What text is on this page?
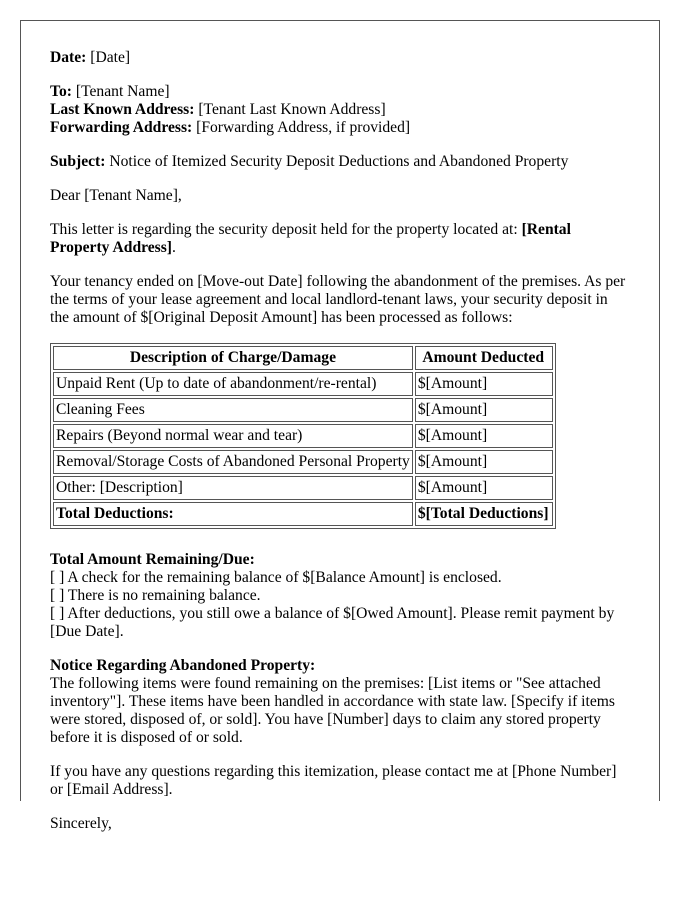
Date: [Date]

To: [Tenant Name]
Last Known Address: [Tenant Last Known Address]
Forwarding Address: [Forwarding Address, if provided]

Subject: Notice of Itemized Security Deposit Deductions and Abandoned Property

Dear [Tenant Name],

This letter is regarding the security deposit held for the property located at: [Rental Property Address].

Your tenancy ended on [Move-out Date] following the abandonment of the premises. As per the terms of your lease agreement and local landlord-tenant laws, your security deposit in the amount of $[Original Deposit Amount] has been processed as follows:

Description of Charge/Damage	Amount Deducted
Unpaid Rent (Up to date of abandonment/re-rental)	$[Amount]
Cleaning Fees	$[Amount]
Repairs (Beyond normal wear and tear)	$[Amount]
Removal/Storage Costs of Abandoned Personal Property	$[Amount]
Other: [Description]	$[Amount]
Total Deductions:	$[Total Deductions]

Total Amount Remaining/Due:
[ ] A check for the remaining balance of $[Balance Amount] is enclosed.
[ ] There is no remaining balance.
[ ] After deductions, you still owe a balance of $[Owed Amount]. Please remit payment by [Due Date].

Notice Regarding Abandoned Property:
The following items were found remaining on the premises: [List items or "See attached inventory"]. These items have been handled in accordance with state law. [Specify if items were stored, disposed of, or sold]. You have [Number] days to claim any stored property before it is disposed of or sold.

If you have any questions regarding this itemization, please contact me at [Phone Number] or [Email Address].

Sincerely,
